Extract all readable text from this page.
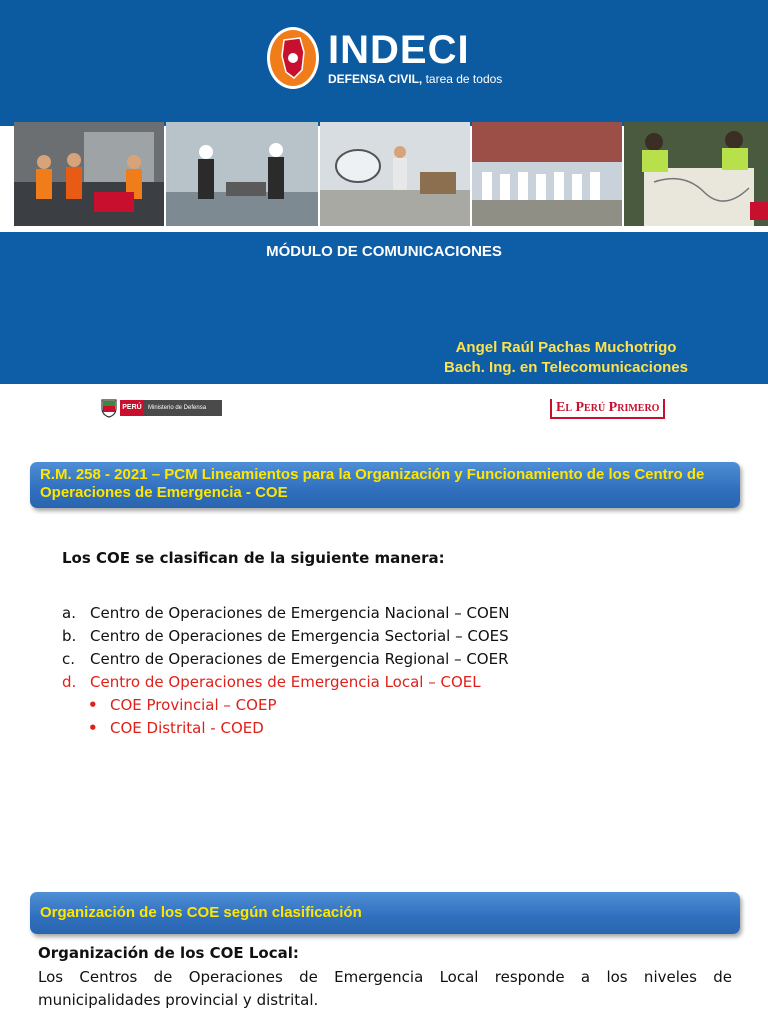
INDECI
DEFENSA CIVIL, tarea de todos
MÓDULO DE COMUNICACIONES
Angel Raúl Pachas Muchotrigo
Bach. Ing. en Telecomunicaciones
PERÚ	Ministerio de Defensa	El Perú Primero
R.M. 258 - 2021 – PCM Lineamientos para la Organización y Funcionamiento de los Centro de Operaciones de Emergencia - COE
Los COE se clasifican de la siguiente manera:
a. Centro de Operaciones de Emergencia Nacional – COEN
b. Centro de Operaciones de Emergencia Sectorial – COES
c. Centro de Operaciones de Emergencia Regional – COER
d. Centro de Operaciones de Emergencia Local – COEL
• COE Provincial – COEP
• COE Distrital - COED
Organización de los COE según clasificación
Organización de los COE Local:
Los Centros de Operaciones de Emergencia Local responde a los niveles de municipalidades provincial y distrital.
